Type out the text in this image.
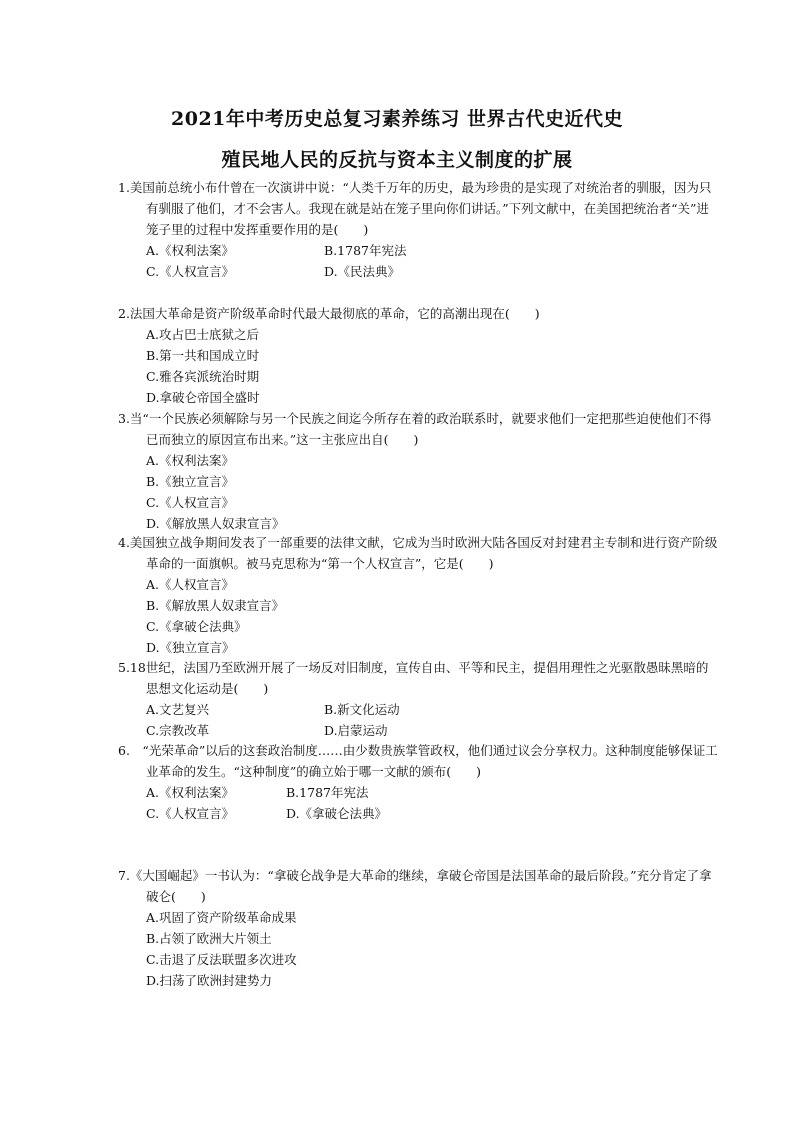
2021年中考历史总复习素养练习 世界古代史近代史
殖民地人民的反抗与资本主义制度的扩展

1.美国前总统小布什曾在一次演讲中说：“人类千万年的历史，最为珍贵的是实现了对统治者的驯服，因为只有驯服了他们，才不会害人。我现在就是站在笼子里向你们讲话。”下列文献中，在美国把统治者“关”进笼子里的过程中发挥重要作用的是(　　)

A.《权利法案》	B.1787年宪法
C.《人权宣言》	D.《民法典》

2.法国大革命是资产阶级革命时代最大最彻底的革命，它的高潮出现在(　　)

A.攻占巴士底狱之后

B.第一共和国成立时

C.雅各宾派统治时期

D.拿破仑帝国全盛时

3.当“一个民族必须解除与另一个民族之间迄今所存在着的政治联系时，就要求他们一定把那些迫使他们不得已而独立的原因宣布出来。”这一主张应出自(　　)

A.《权利法案》

B.《独立宣言》

C.《人权宣言》

D.《解放黑人奴隶宣言》

4.美国独立战争期间发表了一部重要的法律文献，它成为当时欧洲大陆各国反对封建君主专制和进行资产阶级革命的一面旗帜。被马克思称为“第一个人权宣言”，它是(　　)

A.《人权宣言》

B.《解放黑人奴隶宣言》

C.《拿破仑法典》

D.《独立宣言》

5.18世纪，法国乃至欧洲开展了一场反对旧制度，宣传自由、平等和民主，提倡用理性之光驱散愚昧黑暗的思想文化运动是(　　)

A.文艺复兴	B.新文化运动
C.宗教改革	D.启蒙运动

6.　“光荣革命”以后的这套政治制度……由少数贵族掌管政权，他们通过议会分享权力。这种制度能够保证工业革命的发生。“这种制度”的确立始于哪一文献的颁布(　　)

A.《权利法案》	B.1787年宪法
C.《人权宣言》	D.《拿破仑法典》

7.《大国崛起》一书认为：“拿破仑战争是大革命的继续，拿破仑帝国是法国革命的最后阶段。”充分肯定了拿破仑(　　)

A.巩固了资产阶级革命成果

B.占领了欧洲大片领土

C.击退了反法联盟多次进攻

D.扫荡了欧洲封建势力
